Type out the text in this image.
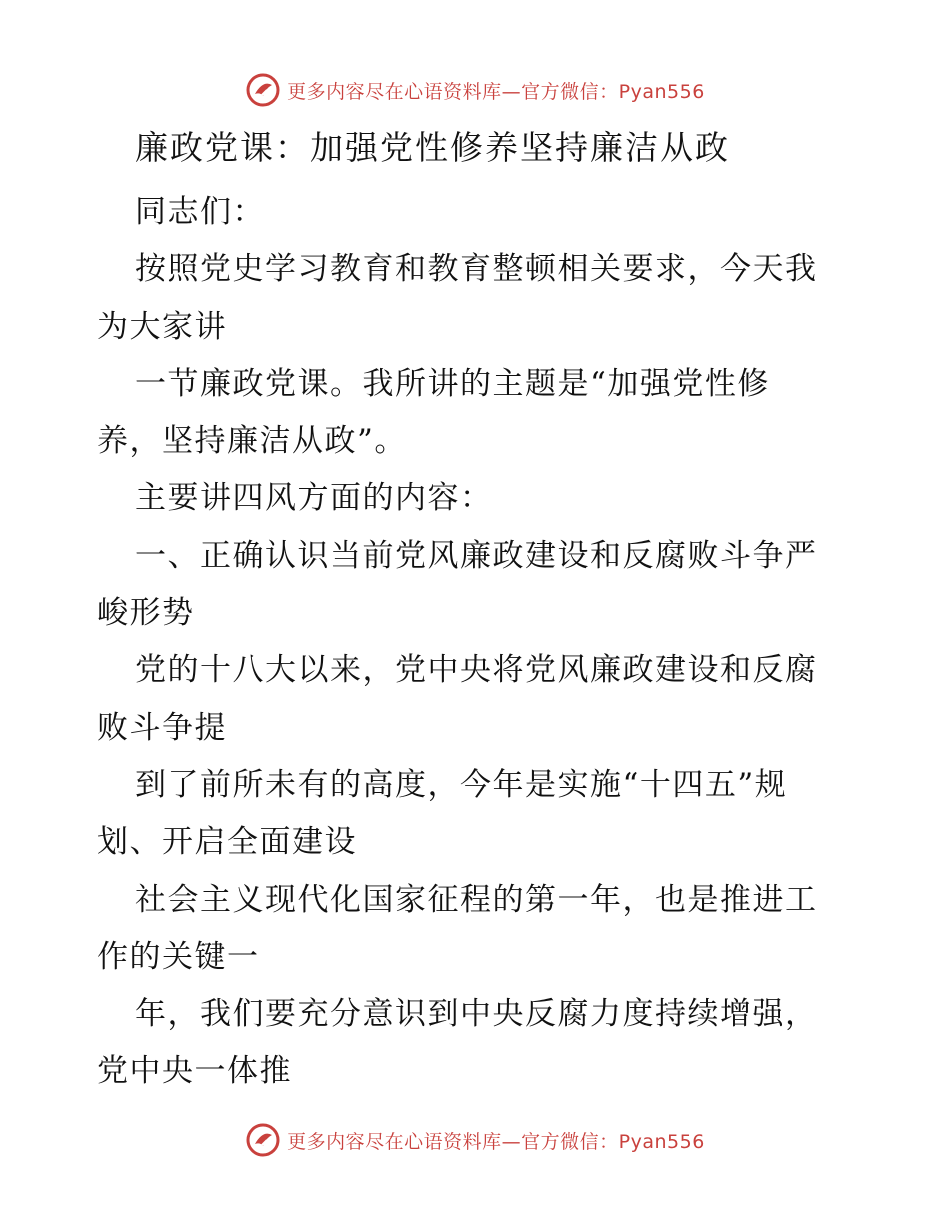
更多内容尽在心语资料库—官方微信：Pyan556
廉政党课：加强党性修养坚持廉洁从政

同志们：

按照党史学习教育和教育整顿相关要求，今天我

为大家讲

一节廉政党课。我所讲的主题是“加强党性修

养，坚持廉洁从政”。

主要讲四风方面的内容：

一、正确认识当前党风廉政建设和反腐败斗争严

峻形势

党的十八大以来，党中央将党风廉政建设和反腐

败斗争提

到了前所未有的高度，今年是实施“十四五”规

划、开启全面建设

社会主义现代化国家征程的第一年，也是推进工

作的关键一

年，我们要充分意识到中央反腐力度持续增强，

党中央一体推

更多内容尽在心语资料库—官方微信：Pyan556
